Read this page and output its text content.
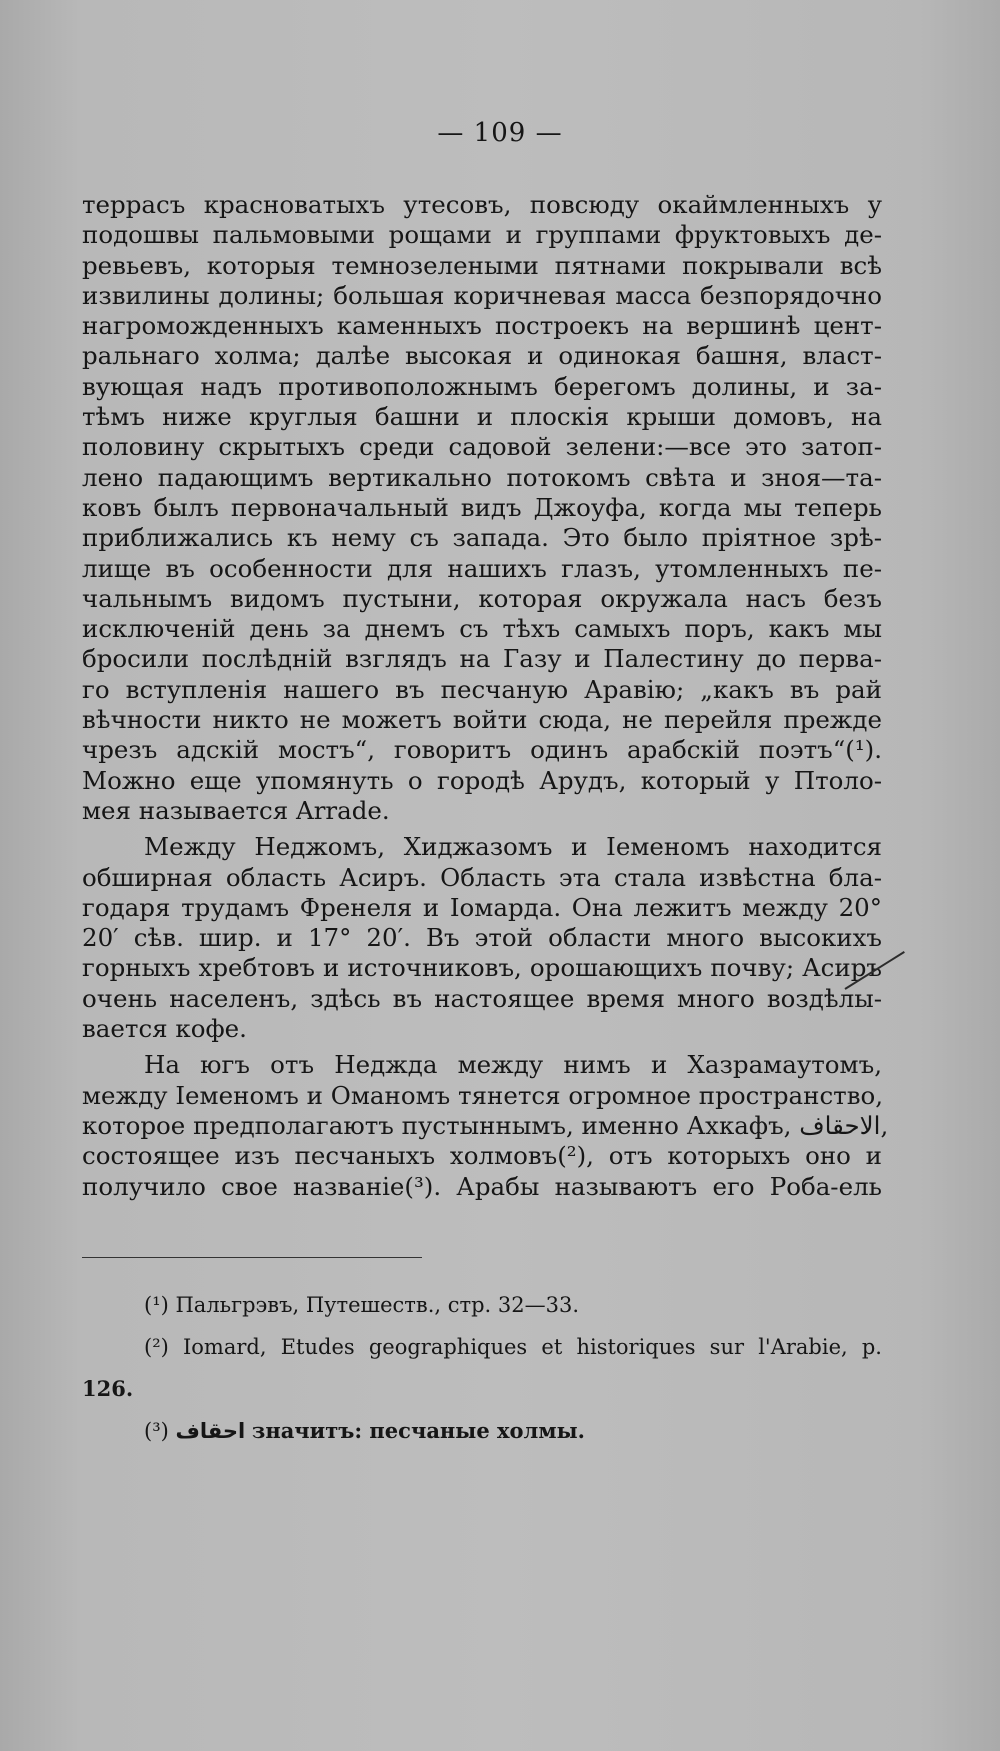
— 109 —

террасъ красноватыхъ утесовъ, повсюду окаймленныхъ у
подошвы пальмовыми рощами и группами фруктовыхъ де-
ревьевъ, которыя темнозелеными пятнами покрывали всѣ
извилины долины; большая коричневая масса безпорядочно
нагроможденныхъ каменныхъ построекъ на вершинѣ цент-
ральнаго холма; далѣе высокая и одинокая башня, власт-
вующая надъ противоположнымъ берегомъ долины, и за-
тѣмъ ниже круглыя башни и плоскія крыши домовъ, на
половину скрытыхъ среди садовой зелени:—все это затоп-
лено падающимъ вертикально потокомъ свѣта и зноя—та-
ковъ былъ первоначальный видъ Джоуфа, когда мы теперь
приближались къ нему съ запада. Это было пріятное зрѣ-
лище въ особенности для нашихъ глазъ, утомленныхъ пе-
чальнымъ видомъ пустыни, которая окружала насъ безъ
исключеній день за днемъ съ тѣхъ самыхъ поръ, какъ мы
бросили послѣдній взглядъ на Газу и Палестину до перва-
го вступленія нашего въ песчаную Аравію; „какъ въ рай
вѣчности никто не можетъ войти сюда, не перейля прежде
чрезъ адскій мостъ“, говоритъ одинъ арабскій поэтъ“(¹).
Можно еще упомянуть о городѣ Арудъ, который у Птоло-
мея называется Arrade.

Между Неджомъ, Хиджазомъ и Іеменомъ находится
обширная область Асиръ. Область эта стала извѣстна бла-
годаря трудамъ Френеля и Іомарда. Она лежитъ между 20°
20′ сѣв. шир. и 17° 20′. Въ этой области много высокихъ
горныхъ хребтовъ и источниковъ, орошающихъ почву; Асиръ
очень населенъ, здѣсь въ настоящее время много воздѣлы-
вается кофе.

На югъ отъ Неджда между нимъ и Хазрамаутомъ,
между Іеменомъ и Оманомъ тянется огромное пространство,
которое предполагаютъ пустыннымъ, именно Ахкафъ, الاحقاف,
состоящее изъ песчаныхъ холмовъ(²), отъ которыхъ оно и
получило свое названіе(³). Арабы называютъ его Роба-ель

(¹) Пальгрэвъ, Путешеств., стр. 32—33.
(²) Iomard, Etudes geographiques et historiques sur l'Arabie, p.
126.
(³) احقاف значитъ: песчаные холмы.
